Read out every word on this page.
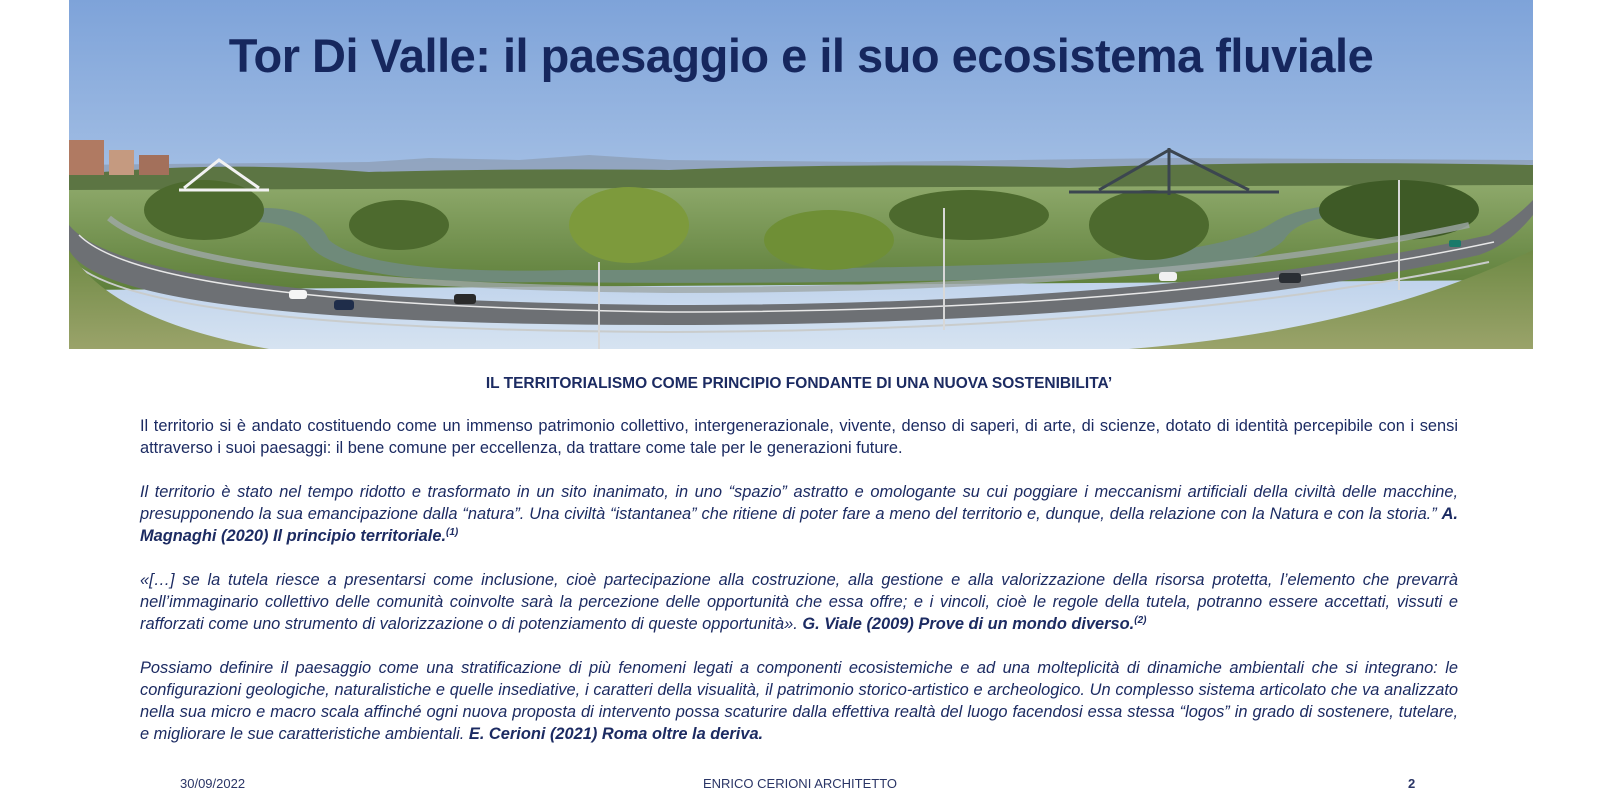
Tor Di Valle: il paesaggio e il suo ecosistema fluviale
IL TERRITORIALISMO COME PRINCIPIO FONDANTE DI UNA NUOVA SOSTENIBILITA’

Il territorio si è andato costituendo come un immenso patrimonio collettivo, intergenerazionale, vivente, denso di saperi, di arte, di scienze, dotato di identità percepibile con i sensi attraverso i suoi paesaggi: il bene comune per eccellenza, da trattare come tale per le generazioni future.

Il territorio è stato nel tempo ridotto e trasformato in un sito inanimato, in uno “spazio” astratto e omologante su cui poggiare i meccanismi artificiali della civiltà delle macchine, presupponendo la sua emancipazione dalla “natura”. Una civiltà “istantanea” che ritiene di poter fare a meno del territorio e, dunque, della relazione con la Natura e con la storia.” A. Magnaghi (2020) Il principio territoriale.$^{(1)}$

«[…] se la tutela riesce a presentarsi come inclusione, cioè partecipazione alla costruzione, alla gestione e alla valorizzazione della risorsa protetta, l’elemento che prevarrà nell’immaginario collettivo delle comunità coinvolte sarà la percezione delle opportunità che essa offre; e i vincoli, cioè le regole della tutela, potranno essere accettati, vissuti e rafforzati come uno strumento di valorizzazione o di potenziamento di queste opportunità». G. Viale (2009) Prove di un mondo diverso.$^{(2)}$

Possiamo definire il paesaggio come una stratificazione di più fenomeni legati a componenti ecosistemiche e ad una molteplicità di dinamiche ambientali che si integrano: le configurazioni geologiche, naturalistiche e quelle insediative, i caratteri della visualità, il patrimonio storico-artistico e archeologico. Un complesso sistema articolato che va analizzato nella sua micro e macro scala affinché ogni nuova proposta di intervento possa scaturire dalla effettiva realtà del luogo facendosi essa stessa “logos” in grado di sostenere, tutelare, e migliorare le sue caratteristiche ambientali. E. Cerioni (2021) Roma oltre la deriva.

30/09/2022	ENRICO CERIONI ARCHITETTO	2
